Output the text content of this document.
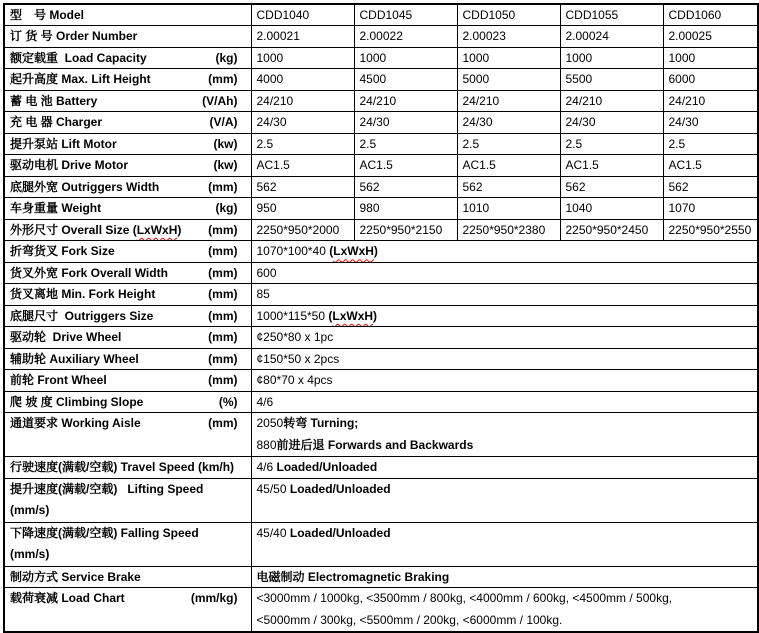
型　号 Model	CDD1040	CDD1045	CDD1050	CDD1055	CDD1060

订 货 号 Order Number	2.00021	2.00022	2.00023	2.00024	2.00025

额定载重  Load Capacity (kg)	1000	1000	1000	1000	1000

起升高度 Max. Lift Height (mm)	4000	4500	5000	5500	6000

蓄 电 池 Battery (V/Ah)	24/210	24/210	24/210	24/210	24/210

充 电 器 Charger (V/A)	24/30	24/30	24/30	24/30	24/30

提升泵站 Lift Motor (kw)	2.5	2.5	2.5	2.5	2.5

驱动电机 Drive Motor (kw)	AC1.5	AC1.5	AC1.5	AC1.5	AC1.5

底腿外宽 Outriggers Width (mm)	562	562	562	562	562

车身重量 Weight (kg)	950	980	1010	1040	1070

外形尺寸 Overall Size (LxWxH) (mm)	2250*950*2000	2250*950*2150	2250*950*2380	2250*950*2450	2250*950*2550

折弯货叉 Fork Size (mm)	1070*100*40 (LxWxH)				

货叉外宽 Fork Overall Width (mm)	600				

货叉离地 Min. Fork Height (mm)	85				

底腿尺寸  Outriggers Size (mm)	1000*115*50 (LxWxH)				

驱动轮  Drive Wheel (mm)	¢250*80 x 1pc				

辅助轮 Auxiliary Wheel (mm)	¢150*50 x 2pcs				

前轮 Front Wheel (mm)	¢80*70 x 4pcs				

爬 坡 度 Climbing Slope (%)	4/6				

通道要求 Working Aisle	(mm)	2050转弯 Turning;
880前进后退 Forwards and Backwards

行驶速度(满载/空载) Travel Speed (km/h)	4/6 Loaded/Unloaded				

提升速度(满载/空载)   Lifting Speed
(mm/s)	45/50 Loaded/Unloaded				

下降速度(满载/空载) Falling Speed
(mm/s)	45/40 Loaded/Unloaded				

制动方式 Service Brake	电磁制动 Electromagnetic Braking				

载荷衰减 Load Chart	(mm/kg)	<3000mm / 1000kg, <3500mm / 800kg, <4000mm / 600kg, <4500mm / 500kg,
<5000mm / 300kg, <5500mm / 200kg, <6000mm / 100kg.
